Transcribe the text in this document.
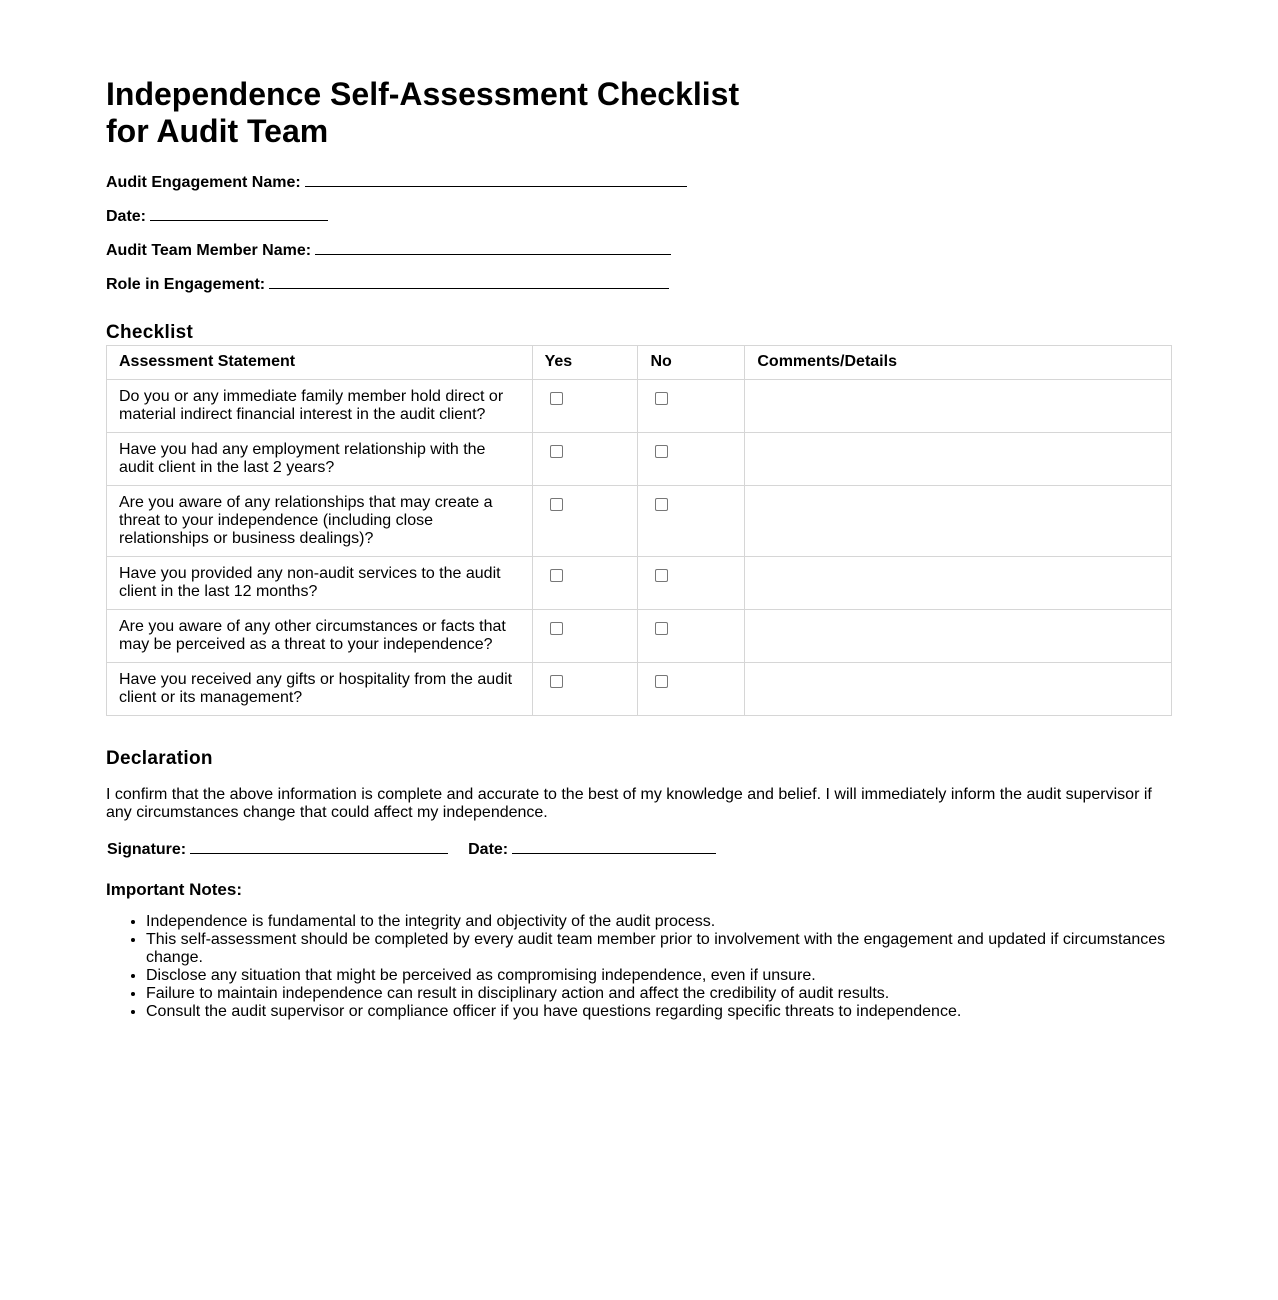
Independence Self-Assessment Checklist for Audit Team
Audit Engagement Name:
Date:
Audit Team Member Name:
Role in Engagement:
Checklist
Assessment Statement	Yes	No	Comments/Details
Do you or any immediate family member hold direct or material indirect financial interest in the audit client?			
Have you had any employment relationship with the audit client in the last 2 years?			
Are you aware of any relationships that may create a threat to your independence (including close relationships or business dealings)?			
Have you provided any non-audit services to the audit client in the last 12 months?			
Are you aware of any other circumstances or facts that may be perceived as a threat to your independence?			
Have you received any gifts or hospitality from the audit client or its management?			
Declaration

I confirm that the above information is complete and accurate to the best of my knowledge and belief. I will immediately inform the audit supervisor if any circumstances change that could affect my independence.

Signature:	Date:
Important Notes:
• Independence is fundamental to the integrity and objectivity of the audit process.
• This self-assessment should be completed by every audit team member prior to involvement with the engagement and updated if circumstances change.
• Disclose any situation that might be perceived as compromising independence, even if unsure.
• Failure to maintain independence can result in disciplinary action and affect the credibility of audit results.
• Consult the audit supervisor or compliance officer if you have questions regarding specific threats to independence.
